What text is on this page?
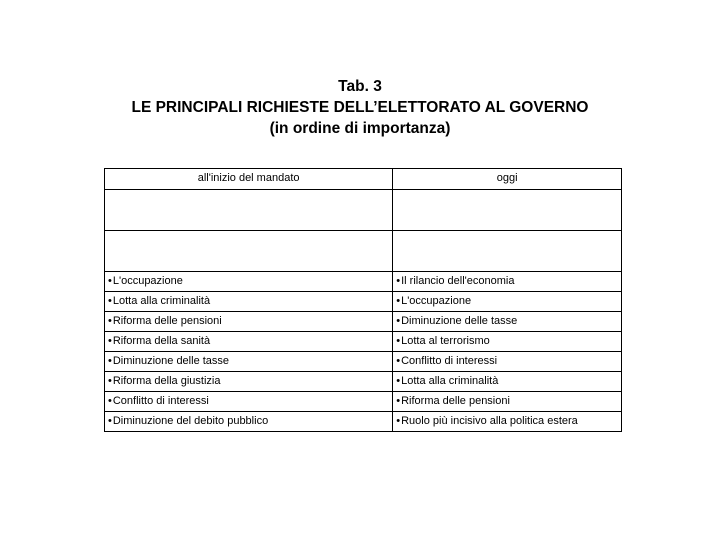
Tab. 3
LE PRINCIPALI RICHIESTE DELL’ELETTORATO AL GOVERNO
(in ordine di importanza)
all'inizio del mandato	oggi

•L'occupazione	•Il rilancio dell'economia
•Lotta alla criminalità	•L'occupazione
•Riforma delle pensioni	•Diminuzione delle tasse
•Riforma della sanità	•Lotta al terrorismo
•Diminuzione delle tasse	•Conflitto di interessi
•Riforma della giustizia	•Lotta alla criminalità
•Conflitto di interessi	•Riforma delle pensioni
•Diminuzione del debito pubblico	•Ruolo più incisivo alla politica estera
